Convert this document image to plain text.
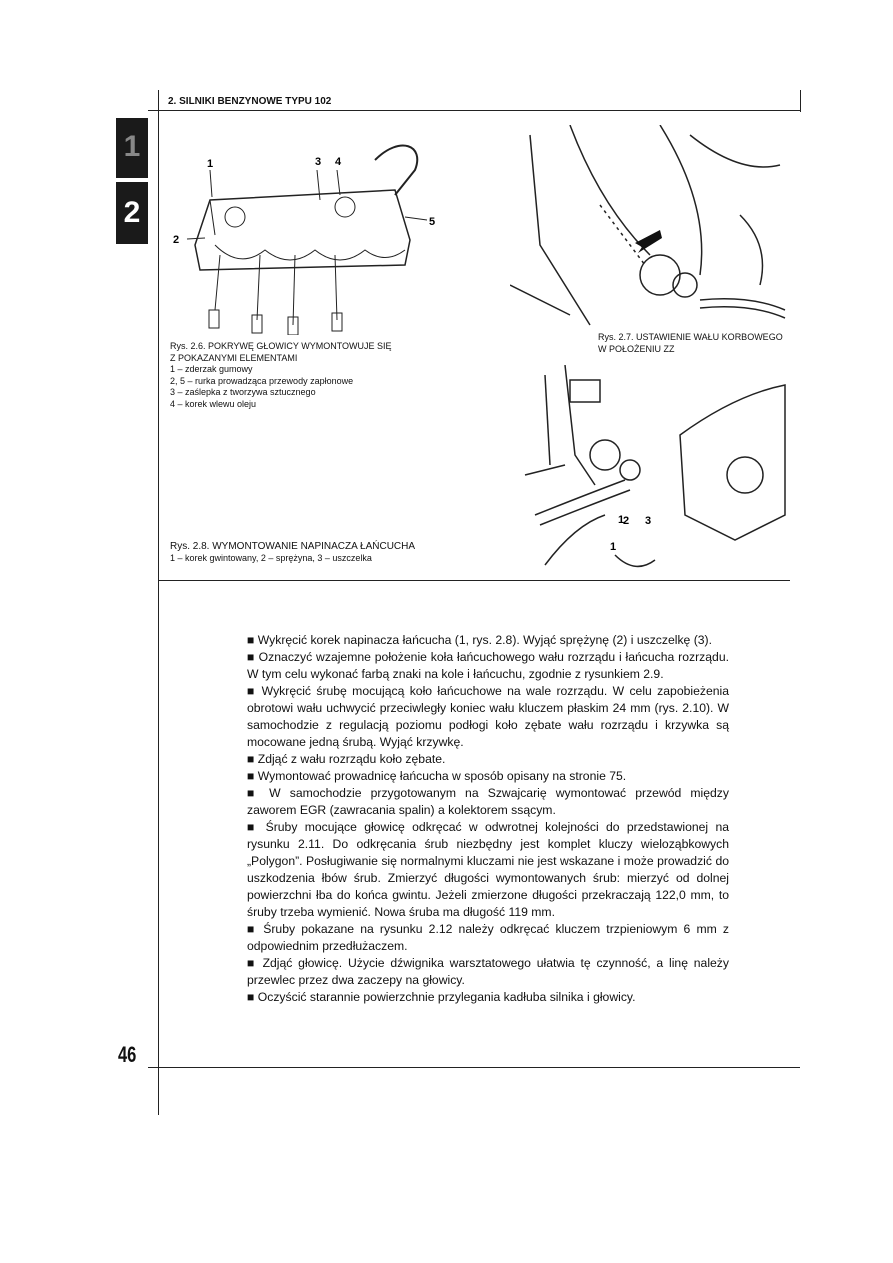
2. SILNIKI BENZYNOWE TYPU 102
1
2
1
2
3 4
5
Rys. 2.6. POKRYWĘ GŁOWICY WYMONTOWUJE SIĘ
Z POKAZANYMI ELEMENTAMI
1 – zderzak gumowy
2, 5 – rurka prowadząca przewody zapłonowe
3 – zaślepka z tworzywa sztucznego
4 – korek wlewu oleju
Rys. 2.7. USTAWIENIE WAŁU KORBOWEGO
W POŁOŻENIU ZZ
1
1
2 3
Rys. 2.8. WYMONTOWANIE NAPINACZA ŁAŃCUCHA
1 – korek gwintowany, 2 – sprężyna, 3 – uszczelka

■ Wykręcić korek napinacza łańcucha (1, rys. 2.8). Wyjąć sprężynę (2) i uszczelkę (3).

■ Oznaczyć wzajemne położenie koła łańcuchowego wału rozrządu i łańcucha rozrządu. W tym celu wykonać farbą znaki na kole i łańcuchu, zgodnie z rysunkiem 2.9.

■ Wykręcić śrubę mocującą koło łańcuchowe na wale rozrządu. W celu zapobieżenia obrotowi wału uchwycić przeciwległy koniec wału kluczem płaskim 24 mm (rys. 2.10). W samochodzie z regulacją poziomu podłogi koło zębate wału rozrządu i krzywka są mocowane jedną śrubą. Wyjąć krzywkę.

■ Zdjąć z wału rozrządu koło zębate.

■ Wymontować prowadnicę łańcucha w sposób opisany na stronie 75.

■ W samochodzie przygotowanym na Szwajcarię wymontować przewód między zaworem EGR (zawracania spalin) a kolektorem ssącym.

■ Śruby mocujące głowicę odkręcać w odwrotnej kolejności do przedstawionej na rysunku 2.11. Do odkręcania śrub niezbędny jest komplet kluczy wieloząbkowych „Polygon”. Posługiwanie się normalnymi kluczami nie jest wskazane i może prowadzić do uszkodzenia łbów śrub. Zmierzyć długości wymontowanych śrub: mierzyć od dolnej powierzchni łba do końca gwintu. Jeżeli zmierzone długości przekraczają 122,0 mm, to śruby trzeba wymienić. Nowa śruba ma długość 119 mm.

■ Śruby pokazane na rysunku 2.12 należy odkręcać kluczem trzpieniowym 6 mm z odpowiednim przedłużaczem.

■ Zdjąć głowicę. Użycie dźwignika warsztatowego ułatwia tę czynność, a linę należy przewlec przez dwa zaczepy na głowicy.

■ Oczyścić starannie powierzchnie przylegania kadłuba silnika i głowicy.

46
